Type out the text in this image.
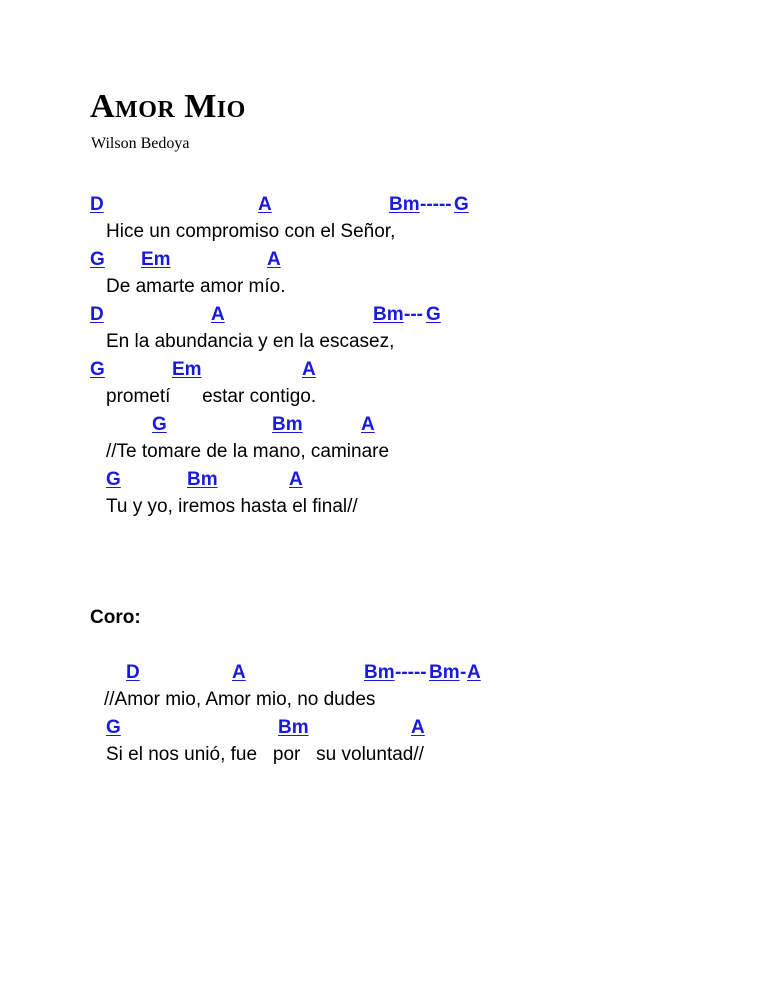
Amor Mio
Wilson Bedoya
D	A	Bm ----- G
Hice un compromiso con el Señor,
G Em	A
De amarte amor mío.
D	A	Bm --- G
En la abundancia y en la escasez,
G	Em	A
prometí      estar contigo.
G	Bm	A
//Te tomare de la mano, caminare
G	Bm	A
Tu y yo, iremos hasta el final//
Coro:
D	A	Bm ----- Bm - A
//Amor mio, Amor mio, no dudes
G	Bm	A
Si el nos unió, fue   por   su voluntad//
